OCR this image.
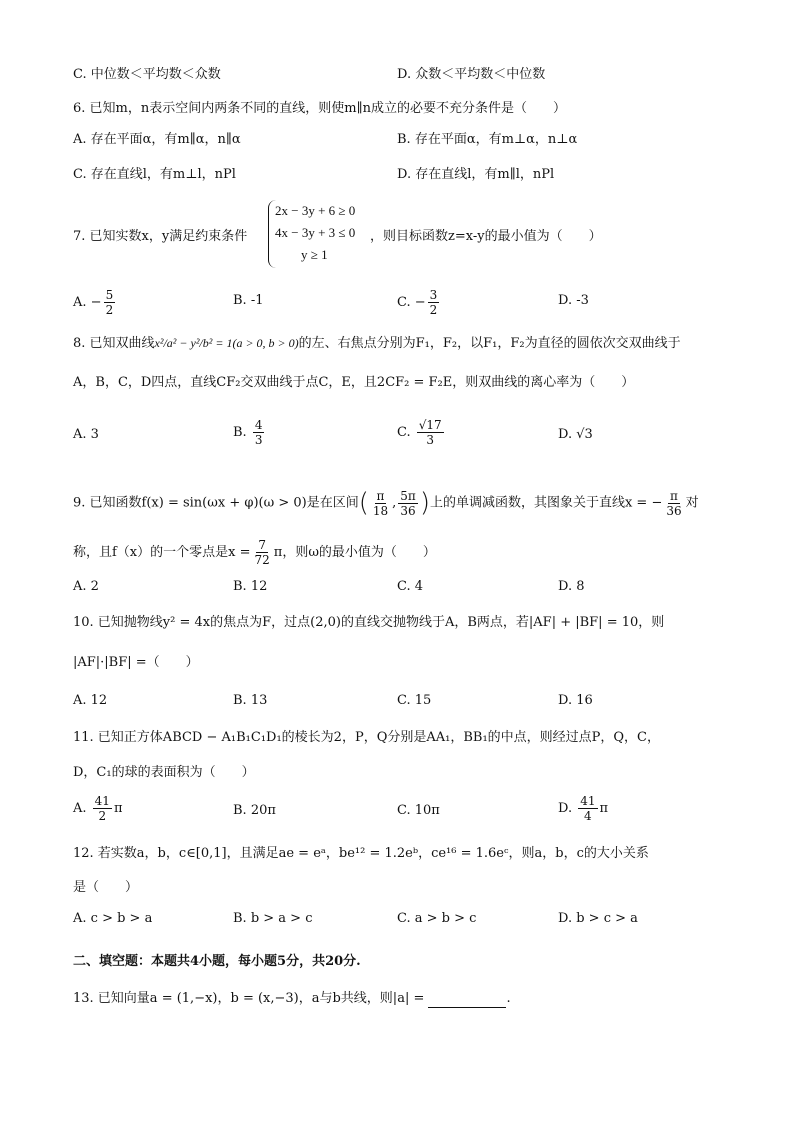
C. 中位数＜平均数＜众数	D. 众数＜平均数＜中位数
6. 已知m，n表示空间内两条不同的直线，则使m∥n成立的必要不充分条件是（　　）
A. 存在平面α，有m∥α，n∥α	B. 存在平面α，有m⊥α，n⊥α
C. 存在直线l，有m⊥l，nPl	D. 存在直线l，有m∥l，nPl
7. 已知实数x，y满足约束条件
2x − 3y + 6 ≥ 0
4x − 3y + 3 ≤ 0
y ≥ 1
，则目标函数z=x-y的最小值为（　　）
A. − $\frac{5}{2}$	B. -1	C. − $\frac{3}{2}$	D. -3
8. 已知双曲线x²/a² − y²/b² = 1(a > 0, b > 0)的左、右焦点分别为F₁，F₂，以F₁，F₂为直径的圆依次交双曲线于
A，B，C，D四点，直线CF₂交双曲线于点C，E，且2CF₂ = F₂E，则双曲线的离心率为（　　）
A. 3	B. $\frac{4}{3}$	C. $\frac{√17}{3}$	D. √3
9. 已知函数f(x) = sin(ωx + φ)(ω > 0)是在区间( $\frac{\pi}{18}$ , $\frac{5\pi}{36}$ )上的单调减函数，其图象关于直线x = − $\frac{\pi}{36}$ 对
称，且f（x）的一个零点是$x = \frac{7}{72}$ π，则ω的最小值为（　　）
A. 2	B. 12	C. 4	D. 8
10. 已知抛物线y² = 4x的焦点为F，过点(2,0)的直线交抛物线于A，B两点，若|AF| + |BF| = 10，则
|AF|·|BF| =（　　）
A. 12	B. 13	C. 15	D. 16
11. 已知正方体ABCD − A₁B₁C₁D₁的棱长为2，P，Q分别是AA₁，BB₁的中点，则经过点P，Q，C，
D，C₁的球的表面积为（　　）
A. $\frac{41}{2}$ π	B. 20π	C. 10π	D. $\frac{41}{4}$ π
12. 若实数a，b，c∈[0,1]，且满足ae = eᵃ，be¹² = 1.2eᵇ，ce¹⁶ = 1.6eᶜ，则a，b，c的大小关系
是（　　）
A. c > b > a	B. b > a > c	C. a > b > c	D. b > c > a
二、填空题：本题共4小题，每小题5分，共20分.
13. 已知向量a = (1,−x)，b = (x,−3)，a与b共线，则|a| =	.
